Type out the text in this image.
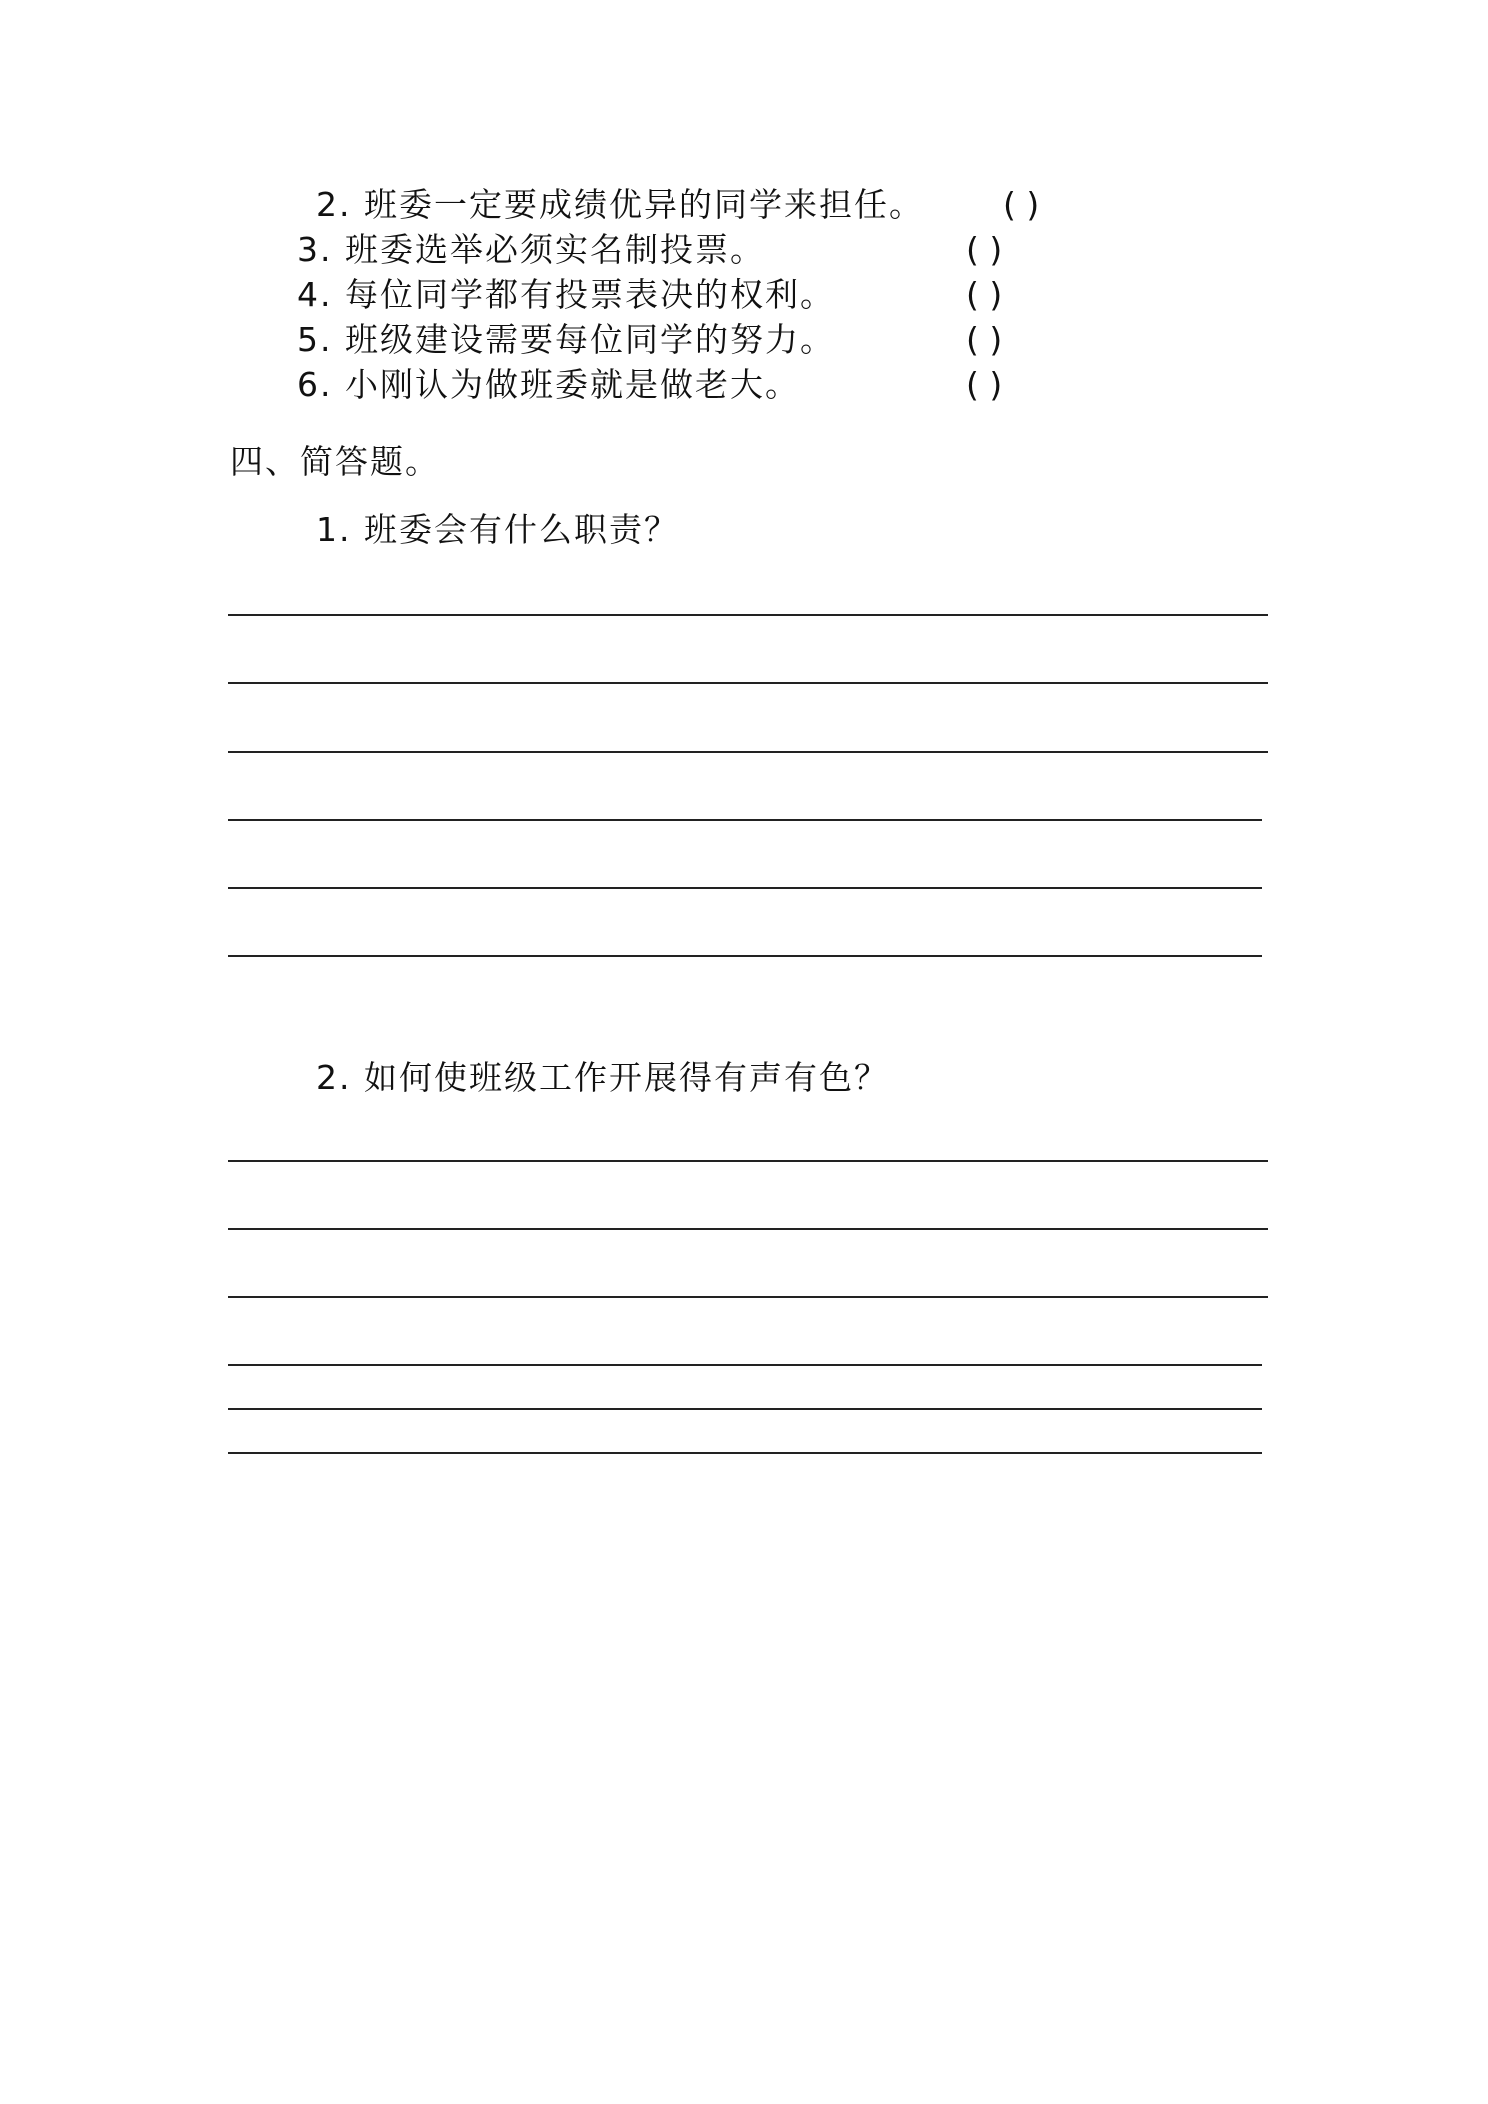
2. 班委一定要成绩优异的同学来担任。 ( )
3. 班委选举必须实名制投票。	( )
4. 每位同学都有投票表决的权利。	( )
5. 班级建设需要每位同学的努力。	( )
6. 小刚认为做班委就是做老大。	( )
四、简答题。
1. 班委会有什么职责？
2. 如何使班级工作开展得有声有色？
